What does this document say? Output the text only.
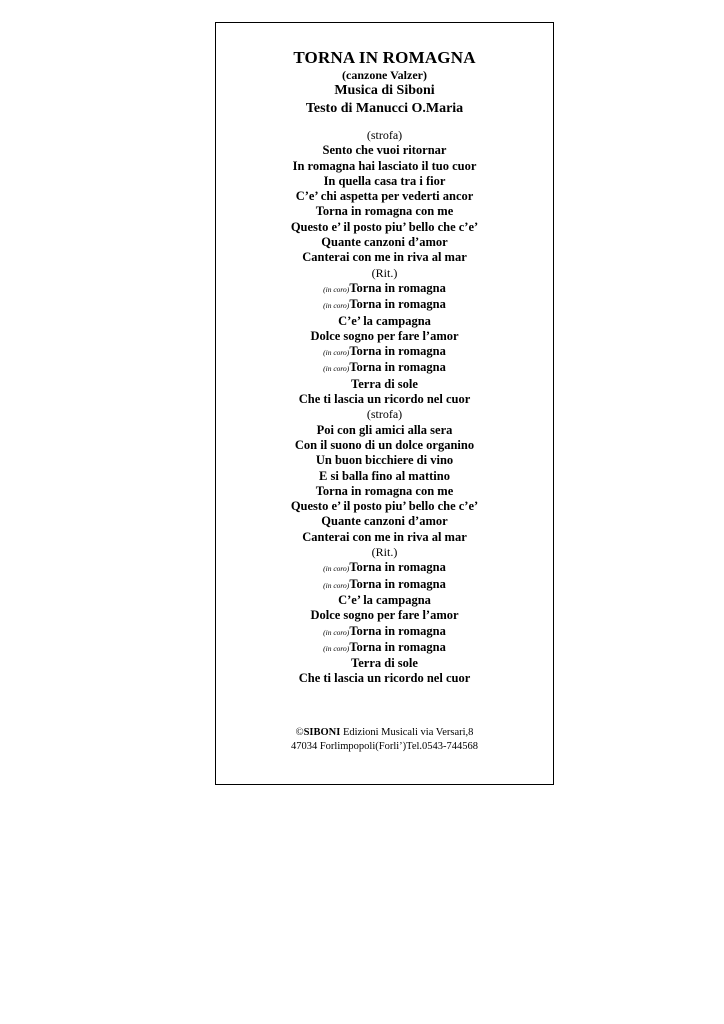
TORNA IN ROMAGNA
(canzone Valzer)
Musica di Siboni
Testo di Manucci O.Maria
(strofa)
Sento che vuoi ritornar
In romagna hai lasciato il tuo cuor
In quella casa tra i fior
C’e’ chi aspetta per vederti ancor
Torna in romagna con me
Questo e’ il posto piu’ bello che c’e’
Quante canzoni d’amor
Canterai con me in riva al mar
(Rit.)
(in coro)Torna in romagna
(in coro)Torna in romagna
C’e’ la campagna
Dolce sogno per fare l’amor
(in coro)Torna in romagna
(in coro)Torna in romagna
Terra di sole
Che ti lascia un ricordo nel cuor
(strofa)
Poi con gli amici alla sera
Con il suono di un dolce organino
Un buon bicchiere di vino
E si balla fino al mattino
Torna in romagna con me
Questo e’ il posto piu’ bello che c’e’
Quante canzoni d’amor
Canterai con me in riva al mar
(Rit.)
(in coro)Torna in romagna
(in coro)Torna in romagna
C’e’ la campagna
Dolce sogno per fare l’amor
(in coro)Torna in romagna
(in coro)Torna in romagna
Terra di sole
Che ti lascia un ricordo nel cuor
©SIBONI Edizioni Musicali via Versari,8
47034 Forlimpopoli(Forli’)Tel.0543-744568
